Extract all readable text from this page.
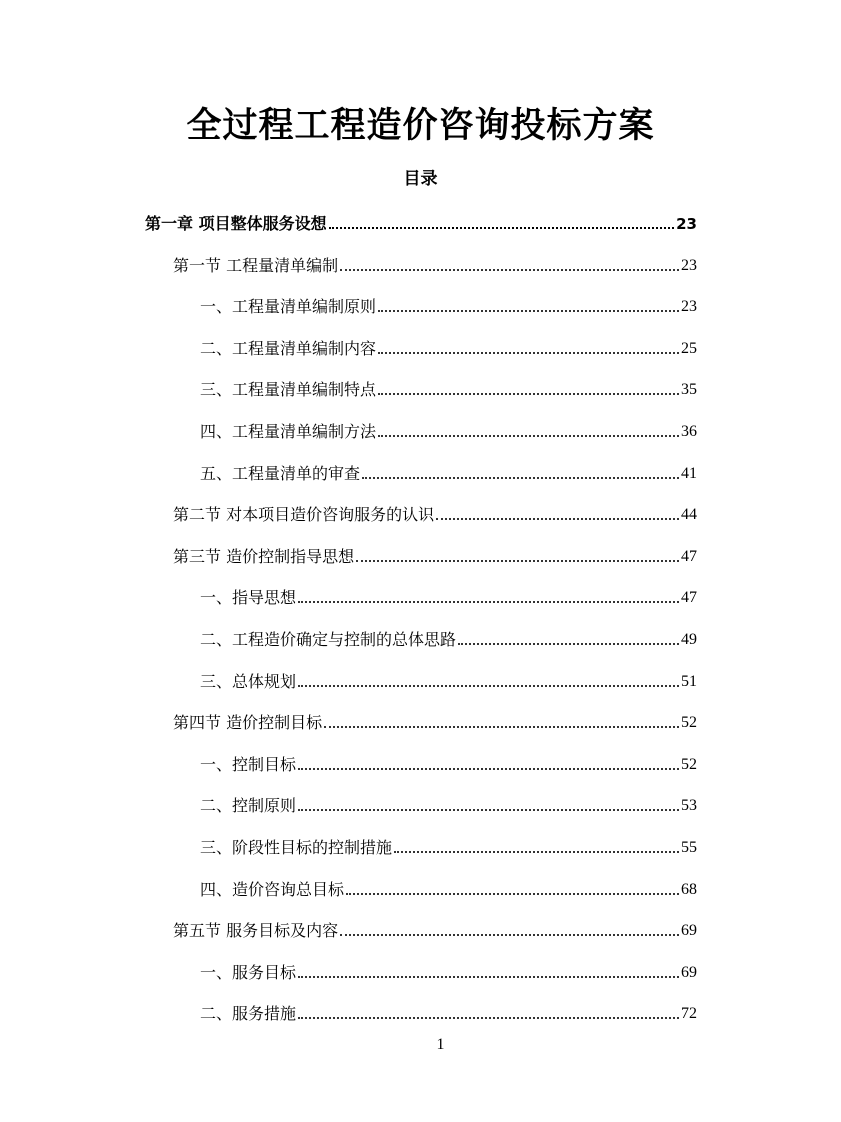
全过程工程造价咨询投标方案
目录
第一章 项目整体服务设想	23
第一节 工程量清单编制	23
一、工程量清单编制原则	23
二、工程量清单编制内容	25
三、工程量清单编制特点	35
四、工程量清单编制方法	36
五、工程量清单的审查	41
第二节 对本项目造价咨询服务的认识	44
第三节 造价控制指导思想	47
一、指导思想	47
二、工程造价确定与控制的总体思路	49
三、总体规划	51
第四节 造价控制目标	52
一、控制目标	52
二、控制原则	53
三、阶段性目标的控制措施	55
四、造价咨询总目标	68
第五节 服务目标及内容	69
一、服务目标	69
二、服务措施	72

1
